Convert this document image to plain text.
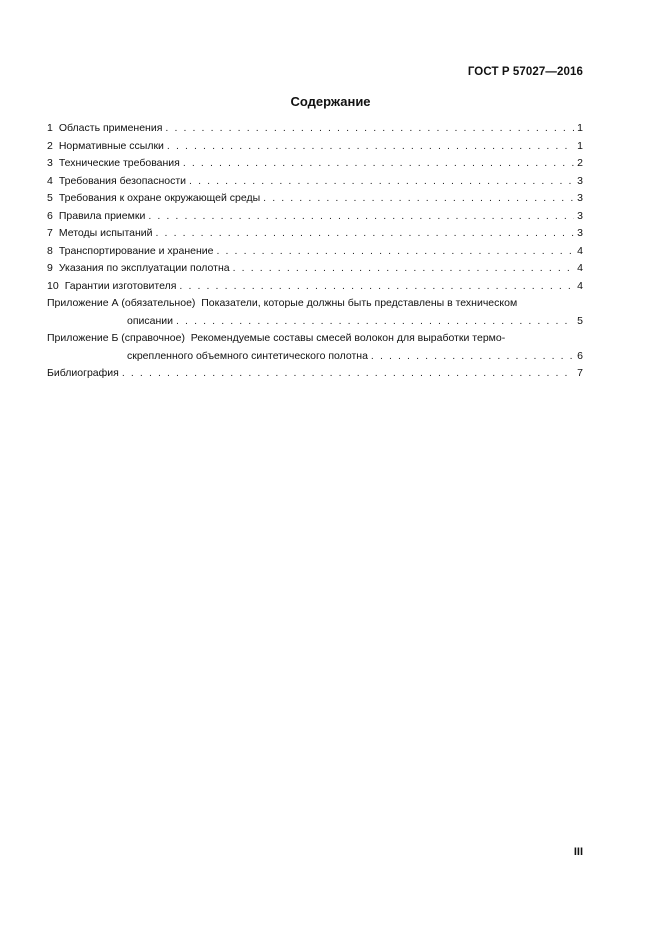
ГОСТ Р 57027—2016
Содержание
1 Область применения . . .	1
2 Нормативные ссылки . . .	1
3 Технические требования . . .	2
4 Требования безопасности . . .	3
5 Требования к охране окружающей среды . . .	3
6 Правила приемки . . .	3
7 Методы испытаний . . .	3
8 Транспортирование и хранение . . .	4
9 Указания по эксплуатации полотна . . .	4
10 Гарантии изготовителя . . .	4
Приложение А (обязательное) Показатели, которые должны быть представлены в техническом
описании . . .	5
Приложение Б (справочное) Рекомендуемые составы смесей волокон для выработки термо-
скрепленного объемного синтетического полотна . . .	6
Библиография . . .	7
III
